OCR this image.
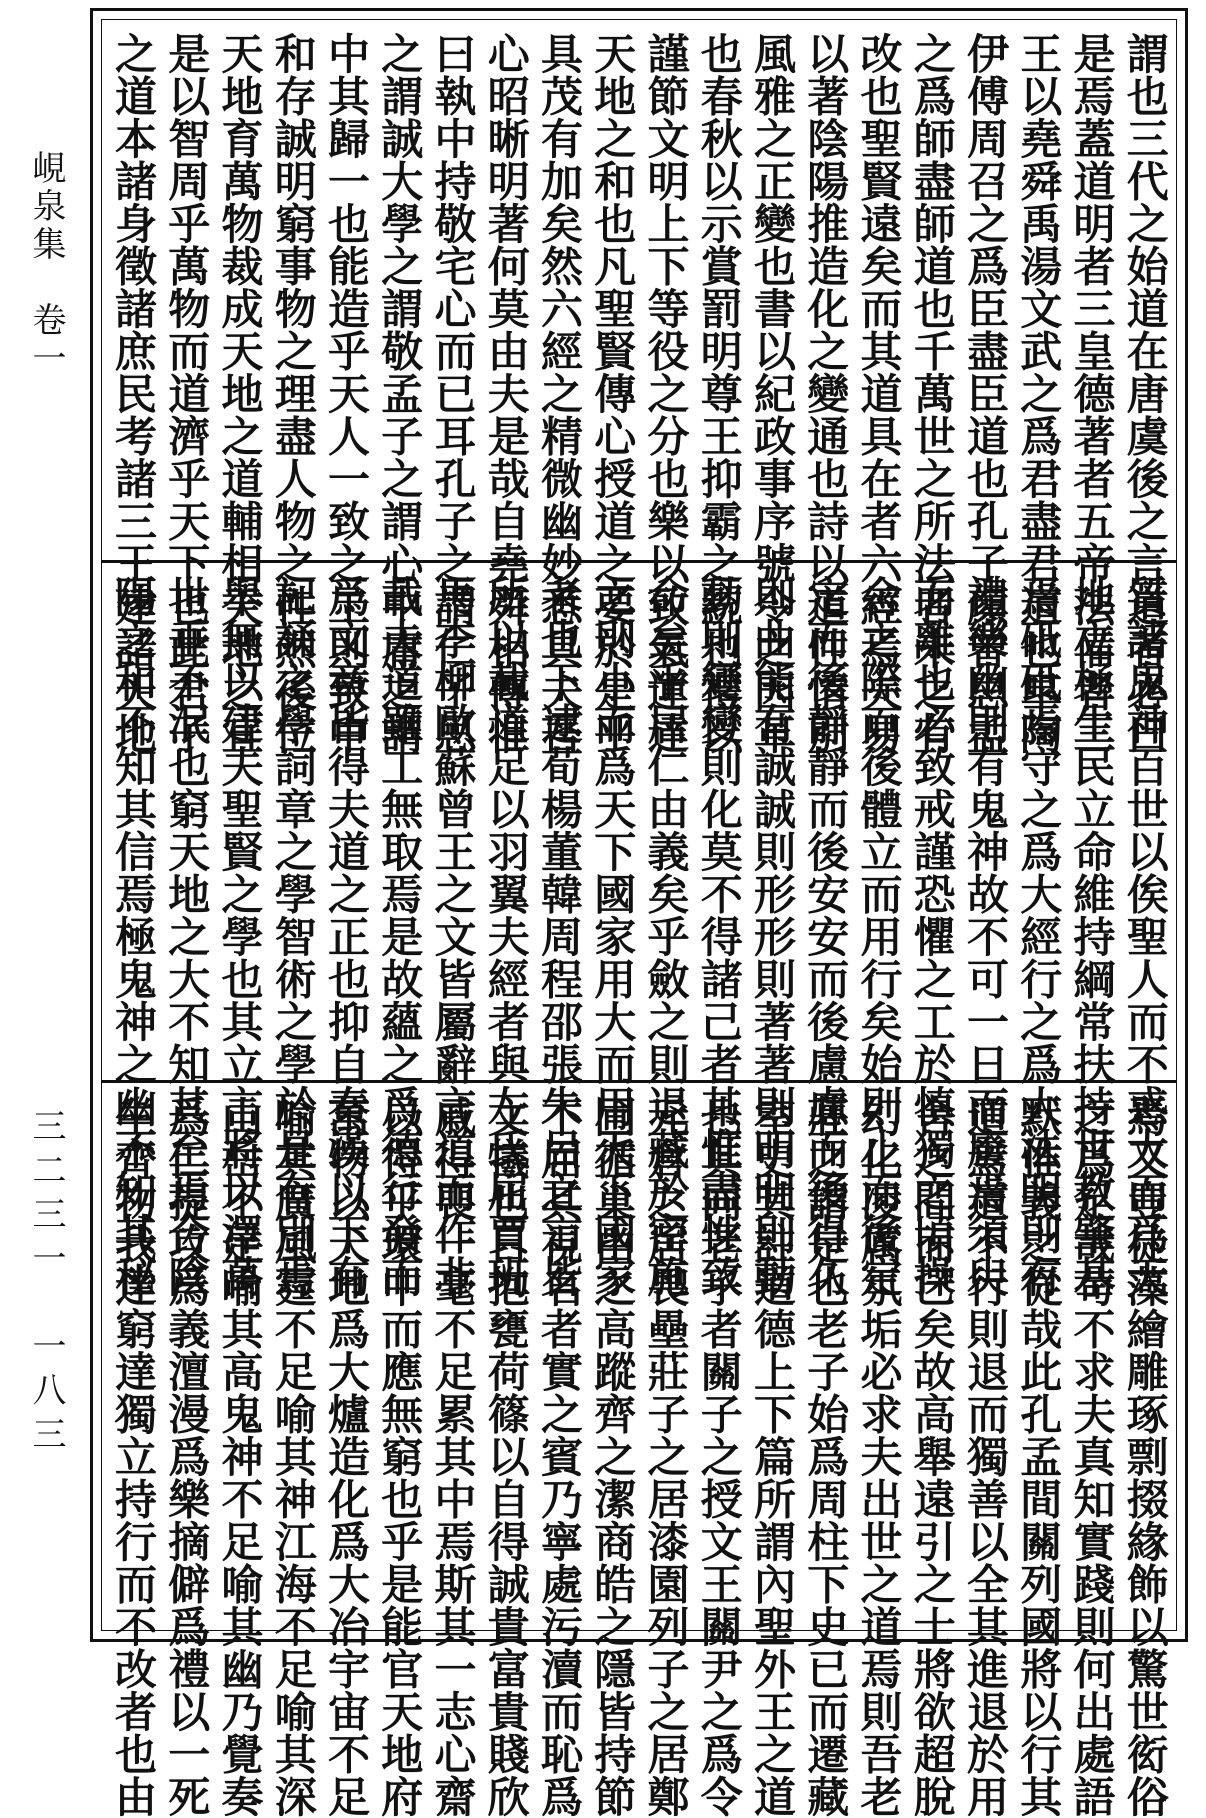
峴泉集　卷一
三二三一　一八三
謂也三代之始道在唐虞後之言道者必曰
是焉蓋道明者三皇德著者五帝法備者三
王以堯舜禹湯文武之爲君盡君道也皐陶
伊傅周召之爲臣盡臣道也孔子顔曾思孟
之爲師盡師道也千萬世之所法者未之有
改也聖賢遠矣而其道具在者六經焉夫易
以著陰陽推造化之變通也詩以道性情別
風雅之正變也書以紀政事序號令之因革
也春秋以示賞罰明尊王抑霸之統也禮以
謹節文明上下等役之分也樂以致氣運達
天地之和也凡聖賢傳心授道之要於是乎
具茂有加矣然六經之精微幽妙悉具夫吾
心昭晰明著何莫由夫是哉自堯舜相傳惟
曰執中持敬宅心而已耳孔子之謂仁子思
之謂誠大學之謂敬孟子之謂心中庸之謂
中其歸一也能造乎天人一致之工則致中
和存誠明窮事物之理盡人物之性然後位
天地育萬物裁成天地之道輔相天地之宜
是以智周乎萬物而道濟乎天下也此君子
之道本諸身徵諸庶民考諸三王建諸天地
質諸鬼神百世以俟聖人而不惑大而爲天
地立極生民立命維持綱常扶持世教肇基
焉砥砥焉守之爲大經行之爲大法明則有
禮樂幽則有鬼神故不可一日而廢焉須臾
而離也必致戒謹恐懼之工於慎獨之頃操
舍之際而後體立而用行矣始則止而後定
定而後靜靜而後安安而後慮慮而後得久
則曲能有誠誠則形形則著著則明明則動
動則變變則化莫不得諸己者其惟盡性致
命矣乎居仁由義矣乎斂之則退藏於密施
之則小而爲天下國家用大而用天下國家
者也下逮荀楊董韓周程邵張朱呂之言皆
所以載道足以羽翼夫經者與左氏屈賈班
馬李柳歐蘇曾王之文皆屬辭言道而作非
載夫道雖工無取焉是故蘊之爲德行發而
爲文章皆得夫道之正也抑自秦漢以下有
記誦之學詞章之學智術之學於是有別焉
舉無以建夫聖賢之學也其立言將以澤萬
世垂不泯也窮天地之大不知其至焉合陰
陽之和不知其信焉極鬼神之幽不知其秘
焉又豈徒藻繪雕琢剽掇緣飾以驚世衒俗
之爲足哉苟不求夫真知實踐則何出處語
默惟義之從哉此孔孟間關列國將以行其
道焉道不行則退而獨善以全其進退於用
舍之間而已矣故高舉遠引之士將欲超脫
幻化凌厲氛垢必求夫出世之道焉則吾老
莊之謂是也老子始爲周柱下史已而遷藏
室史其註道德上下篇所謂內聖外王之道
也其同老子者關子之授文王關尹之爲令
元倉之居畏壘莊子之居漆園列子之居鄭
圃循巢由之高蹤齊之潔商皓之隱皆持節
不屈其視名者實之賓乃寧處污瀆而恥爲
文犧也日抱甕荷篠以自得誠貴富貴賤欣
戚得喪一毫不足累其中焉斯其一志心齋
以得乎環中而應無窮也乎是能官天地府
萬物以天地爲大爐造化爲大冶宇宙不足
喻其廣風霆不足喻其神江海不足喻其深
山岳不足喻其高鬼神不足喻其幽乃覺奏
爲仁提攻爲義澶漫爲樂摘僻爲禮以一死
生齊物我達窮達獨立持行而不改者也由
